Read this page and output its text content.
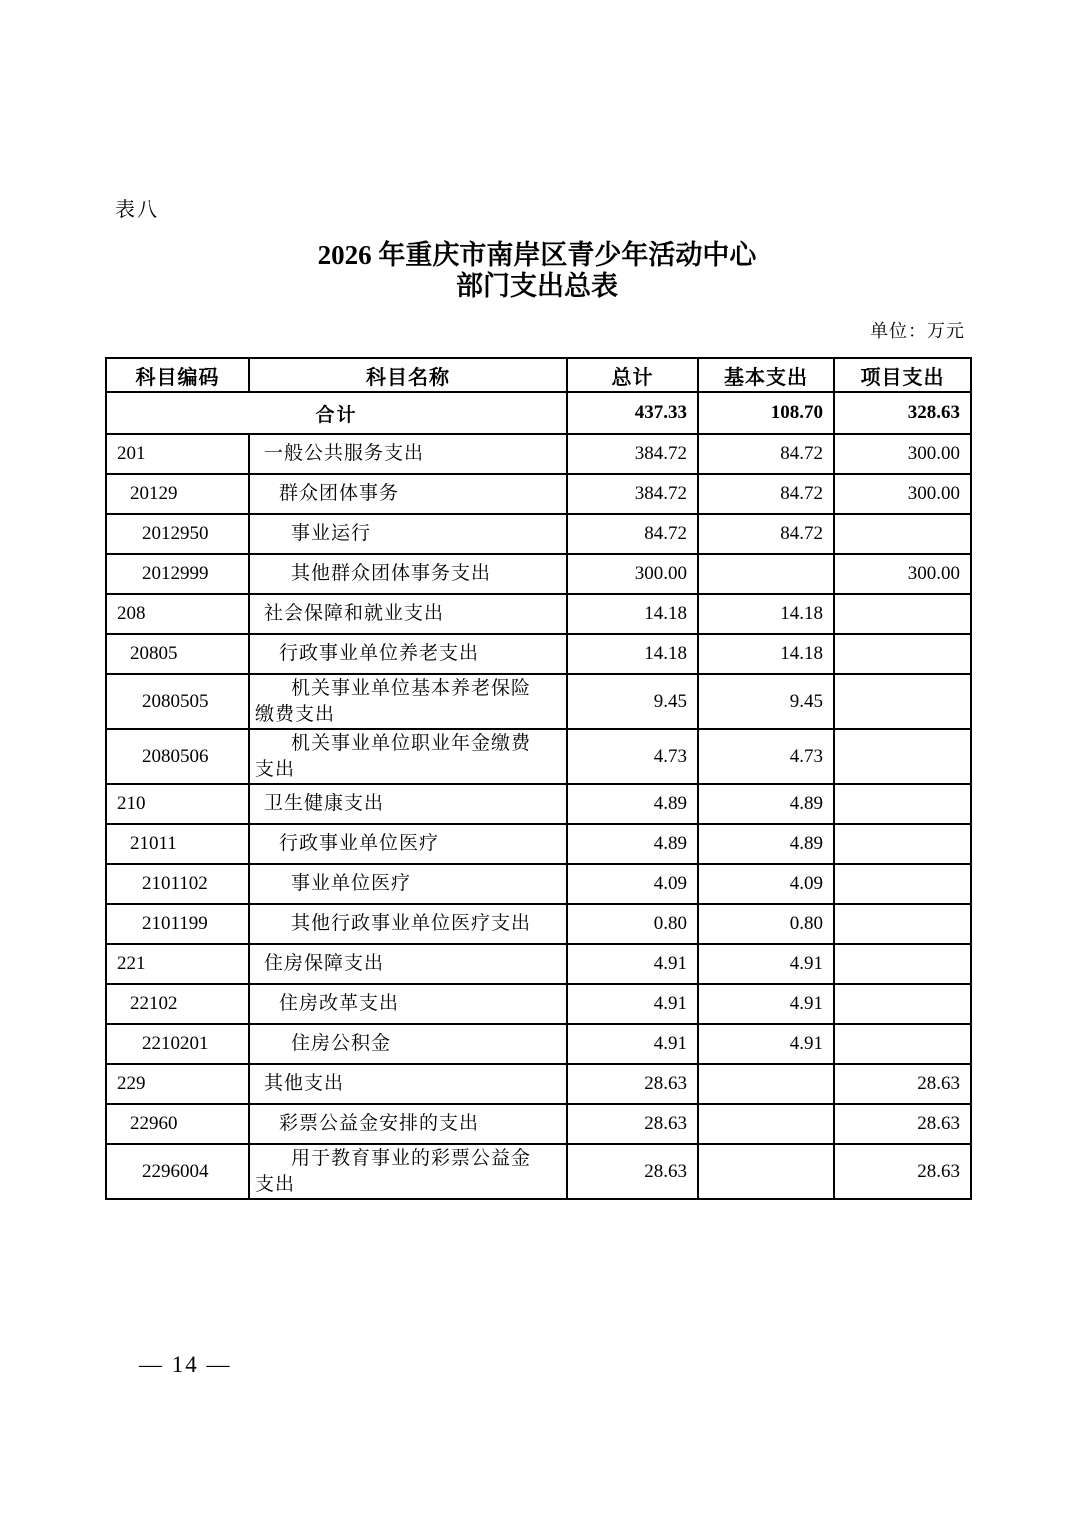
表八
2026 年重庆市南岸区青少年活动中心
部门支出总表
单位：万元
科目编码	科目名称	总计	基本支出	项目支出
合计		437.33	108.70	328.63
201	一般公共服务支出	384.72	84.72	300.00
20129	群众团体事务	384.72	84.72	300.00
2012950	事业运行	84.72	84.72	
2012999	其他群众团体事务支出	300.00		300.00
208	社会保障和就业支出	14.18	14.18	
20805	行政事业单位养老支出	14.18	14.18	
2080505	机关事业单位基本养老保险缴费支出	9.45	9.45	
2080506	机关事业单位职业年金缴费支出	4.73	4.73	
210	卫生健康支出	4.89	4.89	
21011	行政事业单位医疗	4.89	4.89	
2101102	事业单位医疗	4.09	4.09	
2101199	其他行政事业单位医疗支出	0.80	0.80	
221	住房保障支出	4.91	4.91	
22102	住房改革支出	4.91	4.91	
2210201	住房公积金	4.91	4.91	
229	其他支出	28.63		28.63
22960	彩票公益金安排的支出	28.63		28.63
2296004	用于教育事业的彩票公益金支出	28.63		28.63
— 14 —
